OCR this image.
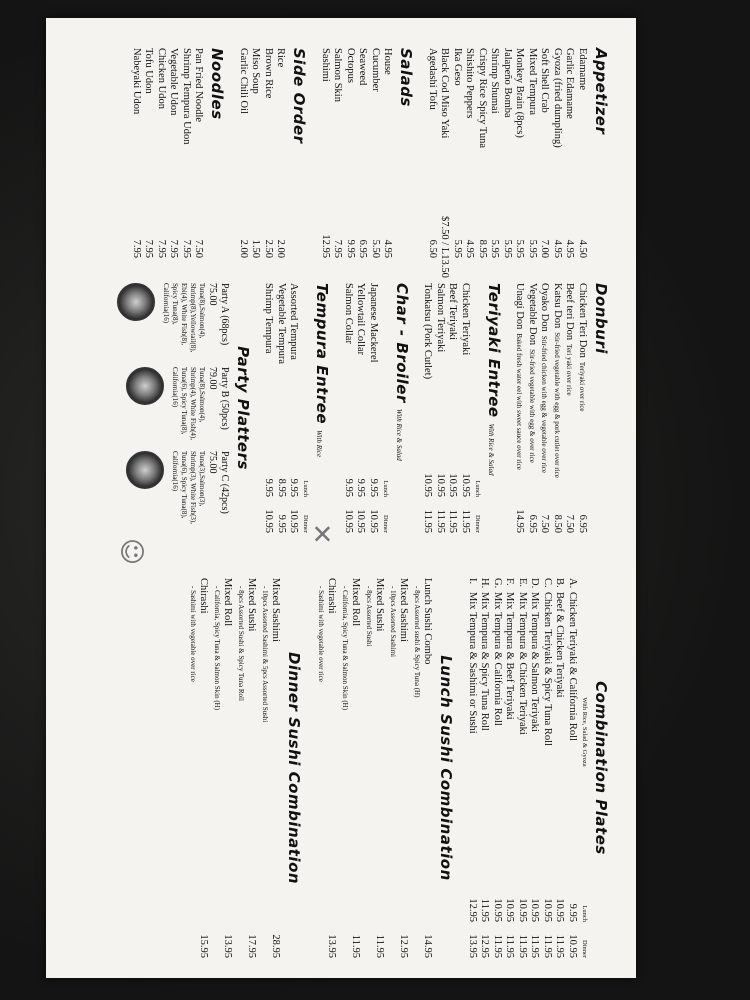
Appetizer
Edamame
4.50
Garlic Edamame
4.95
Gyoza (fried dumpling)
4.95
Soft Shell Crab
7.00
Mixed Tempura
5.95
Monkey Brain (8pcs)
5.95
Jalapeño Bomba
5.95
Shrimp Shumai
5.95
Crispy Rice Spicy Tuna
8.95
Shishito Peppers
4.95
Ika Geso
5.95
Black Cod Miso Yaki
$7.50 / L13.50
Agedashi Tofu
6.50
Salads
House
4.95
Cucumber
5.50
Seaweed
6.95
Octopus
9.95
Salmon Skin
7.95
Sashimi
12.95
Side Order
Rice
2.00
Brown Rice
2.50
Miso Soup
1.50
Garlic Chili Oil
2.00
Noodles
Pan Fried Noodle
7.50
Shrimp Tempura Udon
7.95
Vegetable Udon
7.95
Chicken Udon
7.95
Tofu Udon
7.95
Nabeyaki Udon
7.95
Donburi
Chicken Teri DonTeriyaki over rice
6.95
Beef teri DonTeri yaki over rice
7.50
Katsu DonStir-fried vegetable with egg & pork cutlet over rice
8.50
Oyako DonStir-fried chicken with egg & vegetable over rice
7.50
Vegetable DonStir-fried vegetable with egg & over rice
6.95
Unagi DonBaked fresh water eel with sweet sauce over rice
14.95
Teriyaki EntreeWith Rice & Salad
Lunch
Dinner
Chicken Teriyaki
10.95
11.95
Beef Teriyaki
10.95
11.95
Salmon Teriyaki
10.95
11.95
Tonkatsu (Pork Cutlet)
10.95
11.95
Char - BroilerWith Rice & Salad
Lunch
Dinner
Japanese Mackerel
9.95
10.95
Yellowtail Collar
9.95
10.95
Salmon Collar
9.95
10.95
Tempura EntreeWith Rice
Lunch
Dinner
Assorted Tempura
9.95
10.95
Vegetable Tempura
8.95
9.95
Shrimp Tempura
9.95
10.95
Party Platters
Party A (68pcs)
75.00
Tuna(8),Salmon(4),
Shrimp(8),Yellowtail(8),
Ebi(4), White Fish(8),
Spicy Tuna(8),
California(16)
Party B (50pcs)
79.00
Tuna(8),Salmon(4),
Shrimp(4), White Fish(4),
Tuna(6), Spicy Tuna(8),
California(16)
Party C (42pcs)
75.00
Tuna(3),Salmon(3),
Shrimp(3), White Fish(3),
Tuna(6), Spicy Tuna(8),
California(16)
Combination Plates
With Rice, Salad & Gyoza
Lunch
Dinner
A.Chicken Teriyaki & California Roll
9.95
10.95
B.Beef & Chicken Teriyaki
10.95
11.95
C.Chicken Teriyaki & Spicy Tuna Roll
10.95
11.95
D.Mix Tempura & Salmon Teriyaki
10.95
11.95
E.Mix Tempura & Chicken Teriyaki
10.95
11.95
F.Mix Tempura & Beef Teriyaki
10.95
11.95
G.Mix Tempura & California Roll
10.95
11.95
H.Mix Tempura & Spicy Tuna Roll
11.95
12.95
I.Mix Tempura & Sashimi or Sushi
12.95
13.95
Lunch Sushi Combination
Lunch Sushi Combo
- 8pcs Assorted sushi & Spicy Tuna (H)
14.95
Mixed Sashimi
- 10pcs Assorted Sashimi
12.95
Mixed Sushi
- 8pcs Assorted Sushi
11.95
Mixed Roll
- California, Spicy Tuna & Salmon Skin (H)
11.95
Chirashi
- Sashimi with vegetable over rice
13.95
Dinner Sushi Combination
Mixed Sashimi
- 10pcs Assorted Sashimi & 5pcs Assorted Sushi
28.95
Mixed Sushi
- 8pcs Assorted Sushi & Spicy Tuna Roll
17.95
Mixed Roll
- California, Spicy Tuna & Salmon Skin (H)
13.95
Chirashi
- Sashimi with vegetable over rice
15.95
✕
☺
